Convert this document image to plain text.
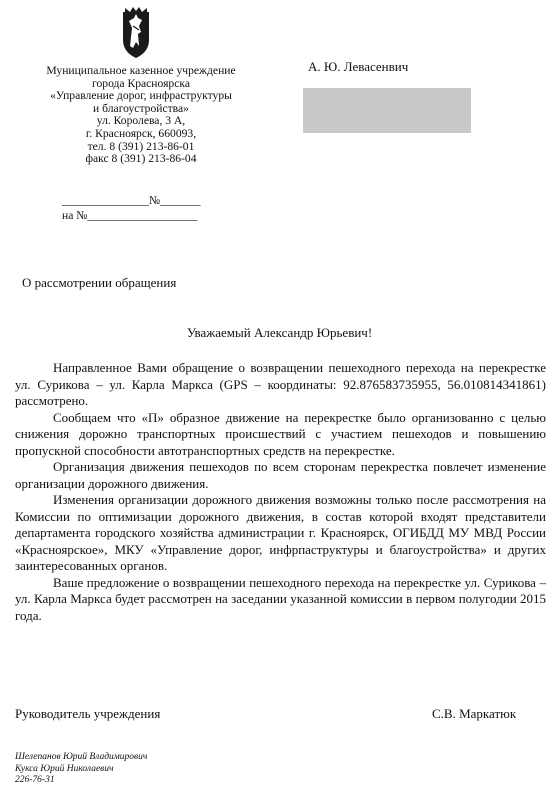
Муниципальное казенное учреждение
города Красноярска
«Управление дорог, инфраструктуры
и благоустройства»
ул. Королева, 3 А,
г. Красноярск, 660093,
тел. 8 (391) 213-86-01
факс 8 (391) 213-86-04
_______________№_______
на №___________________
А. Ю. Левасенвич
О рассмотрении обращения
Уважаемый Александр Юрьевич!

Направленное Вами обращение о возвращении пешеходного перехода на перекрестке ул. Сурикова – ул. Карла Маркса (GPS – координаты: 92.876583735955, 56.010814341861) рассмотрено.

Сообщаем что «П» образное движение на перекрестке было организованно с целью снижения дорожно транспортных происшествий с участием пешеходов и повышению пропускной способности автотранспортных средств на перекрестке.

Организация движения пешеходов по всем сторонам перекрестка повлечет изменение организации дорожного движения.

Изменения организации дорожного движения возможны только после рассмотрения на Комиссии по оптимизации дорожного движения, в состав которой входят представители департамента городского хозяйства администрации г. Красноярск, ОГИБДД МУ МВД России «Красноярское», МКУ «Управление дорог, инфрпаструктуры и благоустройства» и других заинтересованных органов.

Ваше предложение о возвращении пешеходного перехода на перекрестке ул. Сурикова – ул. Карла Маркса будет рассмотрен на заседании указанной комиссии в первом полугодии 2015 года.

Руководитель учреждения	С.В. Маркатюк
Шелепанов Юрий Владимирович
Кукса Юрий Николаевич
226-76-31
